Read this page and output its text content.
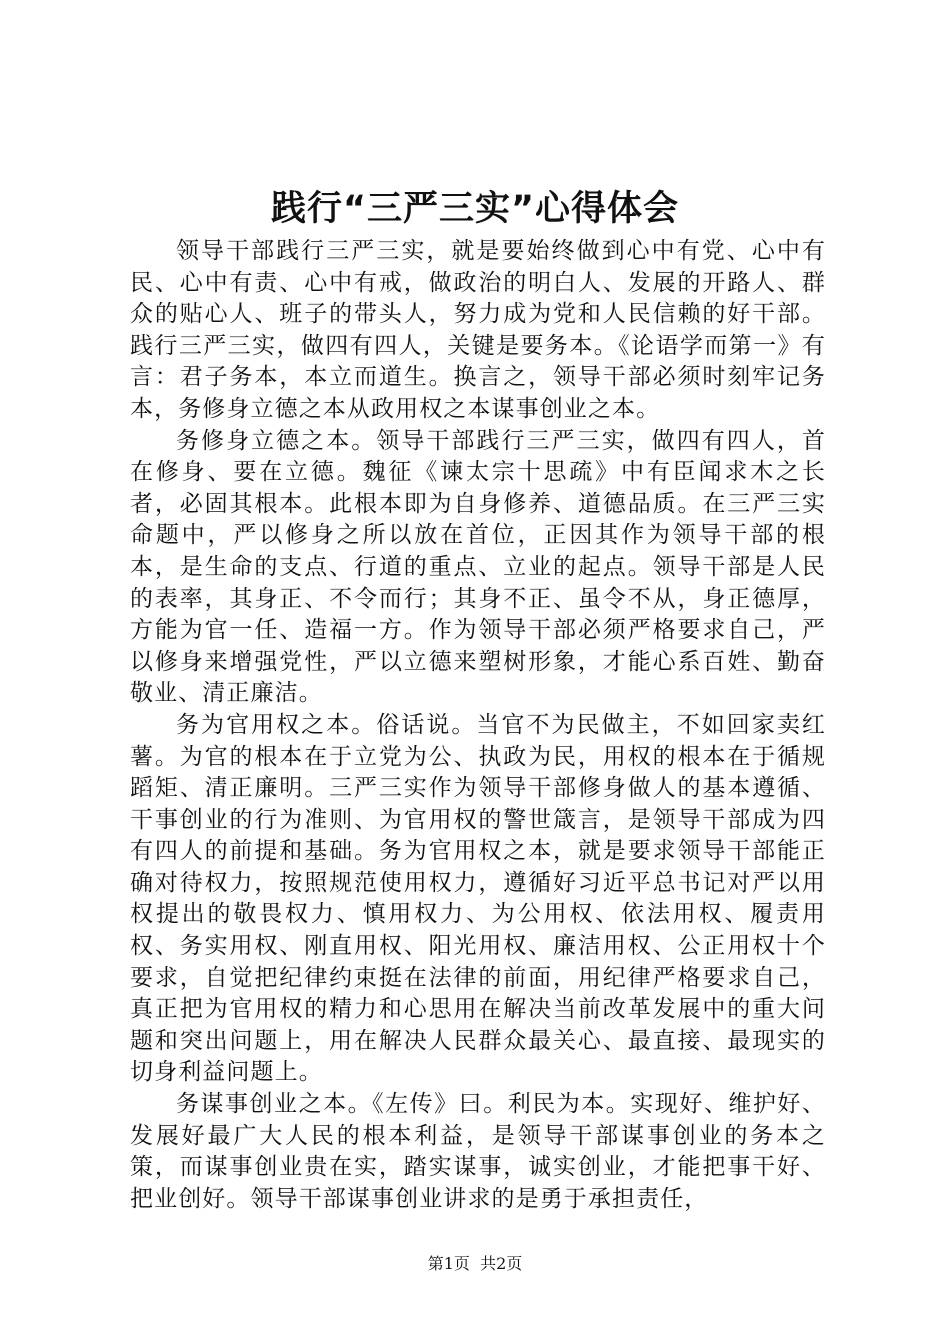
践行“三严三实”心得体会

领导干部践行三严三实，就是要始终做到心中有党、心中有民、心中有责、心中有戒，做政治的明白人、发展的开路人、群众的贴心人、班子的带头人，努力成为党和人民信赖的好干部。践行三严三实，做四有四人，关键是要务本。《论语学而第一》有言：君子务本，本立而道生。换言之，领导干部必须时刻牢记务本，务修身立德之本从政用权之本谋事创业之本。

务修身立德之本。领导干部践行三严三实，做四有四人，首在修身、要在立德。魏征《谏太宗十思疏》中有臣闻求木之长者，必固其根本。此根本即为自身修养、道德品质。在三严三实命题中，严以修身之所以放在首位，正因其作为领导干部的根本，是生命的支点、行道的重点、立业的起点。领导干部是人民的表率，其身正、不令而行；其身不正、虽令不从，身正德厚，方能为官一任、造福一方。作为领导干部必须严格要求自己，严以修身来增强党性，严以立德来塑树形象，才能心系百姓、勤奋敬业、清正廉洁。

务为官用权之本。俗话说。当官不为民做主，不如回家卖红薯。为官的根本在于立党为公、执政为民，用权的根本在于循规蹈矩、清正廉明。三严三实作为领导干部修身做人的基本遵循、干事创业的行为准则、为官用权的警世箴言，是领导干部成为四有四人的前提和基础。务为官用权之本，就是要求领导干部能正确对待权力，按照规范使用权力，遵循好习近平总书记对严以用权提出的敬畏权力、慎用权力、为公用权、依法用权、履责用权、务实用权、刚直用权、阳光用权、廉洁用权、公正用权十个要求，自觉把纪律约束挺在法律的前面，用纪律严格要求自己，真正把为官用权的精力和心思用在解决当前改革发展中的重大问题和突出问题上，用在解决人民群众最关心、最直接、最现实的切身利益问题上。

务谋事创业之本。《左传》曰。利民为本。实现好、维护好、发展好最广大人民的根本利益，是领导干部谋事创业的务本之策，而谋事创业贵在实，踏实谋事，诚实创业，才能把事干好、把业创好。领导干部谋事创业讲求的是勇于承担责任，

第1页 共2页
